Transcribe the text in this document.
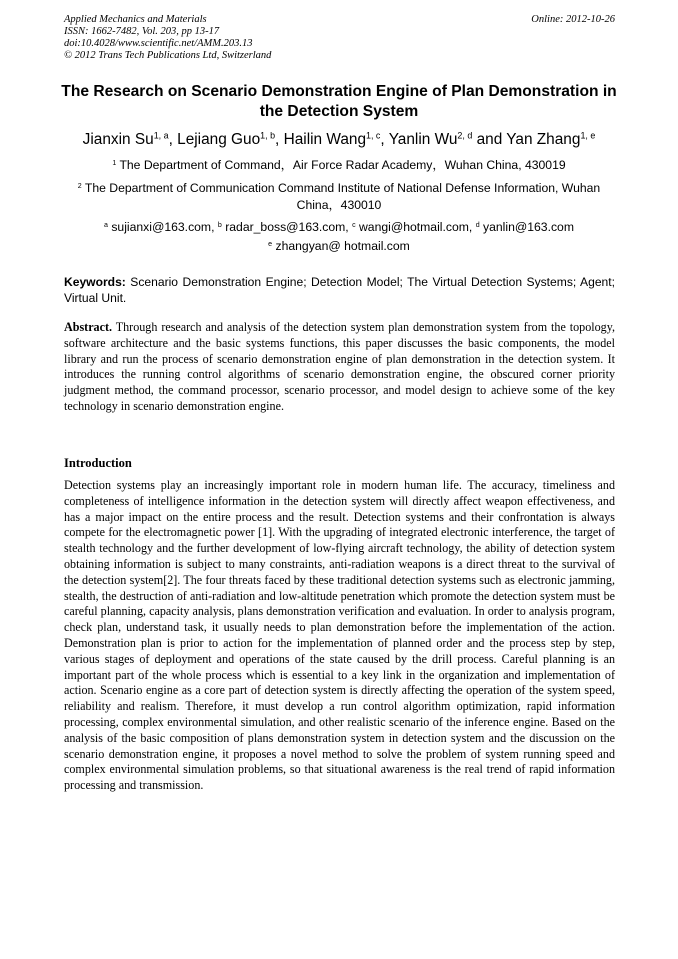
Applied Mechanics and Materials
ISSN: 1662-7482, Vol. 203, pp 13-17
doi:10.4028/www.scientific.net/AMM.203.13
© 2012 Trans Tech Publications Ltd, Switzerland
Online: 2012-10-26
The Research on Scenario Demonstration Engine of Plan Demonstration in the Detection System
Jianxin Su$^{1, a}$, Lejiang Guo$^{1, b}$, Hailin Wang$^{1, c}$, Yanlin Wu$^{2, d}$ and Yan Zhang$^{1, e}$
$^1$ The Department of Command，Air Force Radar Academy，Wuhan China, 430019
$^2$ The Department of Communication Command Institute of National Defense Information, Wuhan China，430010
$^a$ sujianxi@163.com, $^b$ radar_boss@163.com, $^c$ wangi@hotmail.com, $^d$ yanlin@163.com
$^e$ zhangyan@ hotmail.com
Keywords: Scenario Demonstration Engine; Detection Model; The Virtual Detection Systems; Agent; Virtual Unit.
Abstract. Through research and analysis of the detection system plan demonstration system from the topology, software architecture and the basic systems functions, this paper discusses the basic components, the model library and run the process of scenario demonstration engine of plan demonstration in the detection system. It introduces the running control algorithms of scenario demonstration engine, the obscured corner priority judgment method, the command processor, scenario processor, and model design to achieve some of the key technology in scenario demonstration engine.
Introduction
Detection systems play an increasingly important role in modern human life. The accuracy, timeliness and completeness of intelligence information in the detection system will directly affect weapon effectiveness, and has a major impact on the entire process and the result. Detection systems and their confrontation is always compete for the electromagnetic power [1]. With the upgrading of integrated electronic interference, the target of stealth technology and the further development of low-flying aircraft technology, the ability of detection system obtaining information is subject to many constraints, anti-radiation weapons is a direct threat to the survival of the detection system[2]. The four threats faced by these traditional detection systems such as electronic jamming, stealth, the destruction of anti-radiation and low-altitude penetration which promote the detection system must be careful planning, capacity analysis, plans demonstration verification and evaluation. In order to analysis program, check plan, understand task, it usually needs to plan demonstration before the implementation of the action. Demonstration plan is prior to action for the implementation of planned order and the process step by step, various stages of deployment and operations of the state caused by the drill process. Careful planning is an important part of the whole process which is essential to a key link in the organization and implementation of action. Scenario engine as a core part of detection system is directly affecting the operation of the system speed, reliability and realism. Therefore, it must develop a run control algorithm optimization, rapid information processing, complex environmental simulation, and other realistic scenario of the inference engine. Based on the analysis of the basic composition of plans demonstration system in detection system and the discussion on the scenario demonstration engine, it proposes a novel method to solve the problem of system running speed and complex environmental simulation problems, so that situational awareness is the real trend of rapid information processing and transmission.
